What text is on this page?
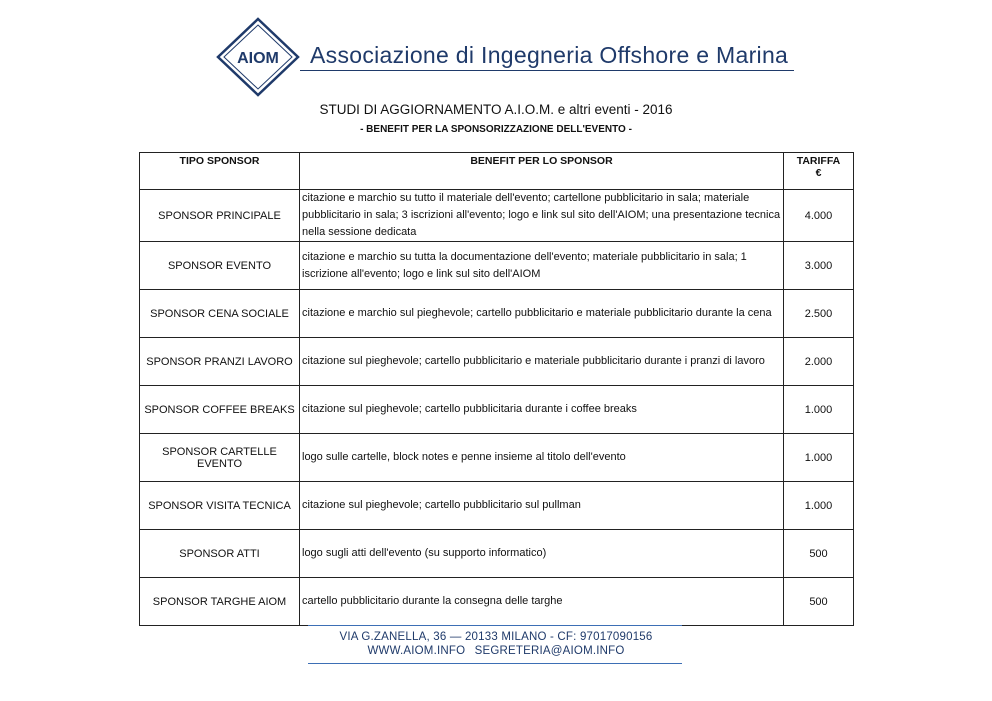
AIOM Associazione di Ingegneria Offshore e Marina
STUDI DI AGGIORNAMENTO A.I.O.M. e altri eventi - 2016
- BENEFIT PER LA SPONSORIZZAZIONE DELL'EVENTO -
TIPO SPONSOR	BENEFIT PER LO SPONSOR	TARIFFA
€
SPONSOR PRINCIPALE	citazione e marchio su tutto il materiale dell'evento; cartellone pubblicitario in sala; materiale pubblicitario in sala; 3 iscrizioni all'evento; logo e link sul sito dell'AIOM; una presentazione tecnica nella sessione dedicata	4.000
SPONSOR EVENTO	citazione e marchio su tutta la documentazione dell'evento; materiale pubblicitario in sala; 1 iscrizione all'evento; logo e link sul sito dell'AIOM	3.000
SPONSOR CENA SOCIALE	citazione e marchio sul pieghevole; cartello pubblicitario e materiale pubblicitario durante la cena	2.500
SPONSOR PRANZI LAVORO	citazione sul pieghevole; cartello pubblicitario e materiale pubblicitario durante i pranzi di lavoro	2.000
SPONSOR COFFEE BREAKS	citazione sul pieghevole; cartello pubblicitaria durante i coffee breaks	1.000
SPONSOR CARTELLE EVENTO	logo sulle cartelle, block notes e penne insieme al titolo dell'evento	1.000
SPONSOR VISITA TECNICA	citazione sul pieghevole; cartello pubblicitario sul pullman	1.000
SPONSOR ATTI	logo sugli atti dell'evento (su supporto informatico)	500
SPONSOR TARGHE AIOM	cartello pubblicitario durante la consegna delle targhe	500
VIA G.ZANELLA, 36 — 20133 MILANO - CF: 97017090156
WWW.AIOM.INFO SEGRETERIA@AIOM.INFO
